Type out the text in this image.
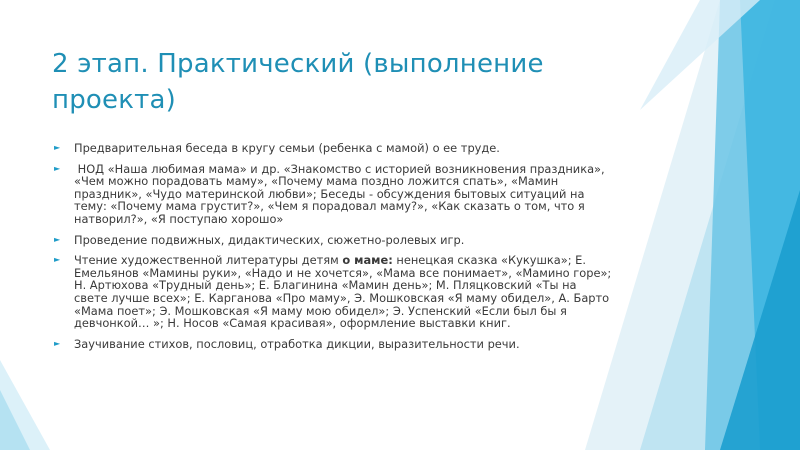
2 этап. Практический (выполнение проекта)
► Предварительная беседа в кругу семьи (ребенка с мамой) о ее труде.
► НОД «Наша любимая мама» и др. «Знакомство с историей возникновения праздника», «Чем можно порадовать маму», «Почему мама поздно ложится спать», «Мамин праздник», «Чудо материнской любви»; Беседы - обсуждения бытовых ситуаций на тему: «Почему мама грустит?», «Чем я порадовал маму?», «Как сказать о том, что я натворил?», «Я поступаю хорошо»
► Проведение подвижных, дидактических, сюжетно-ролевых игр.
► Чтение художественной литературы детям о маме: ненецкая сказка «Кукушка»; Е. Емельянов «Мамины руки», «Надо и не хочется», «Мама все понимает», «Мамино горе»; Н. Артюхова «Трудный день»; Е. Благинина «Мамин день»; М. Пляцковский «Ты на свете лучше всех»; Е. Карганова «Про маму», Э. Мошковская «Я маму обидел», А. Барто «Мама поет»; Э. Мошковская «Я маму мою обидел»; Э. Успенский «Если был бы я девчонкой… »; Н. Носов «Самая красивая», оформление выставки книг.
► Заучивание стихов, пословиц, отработка дикции, выразительности речи.
